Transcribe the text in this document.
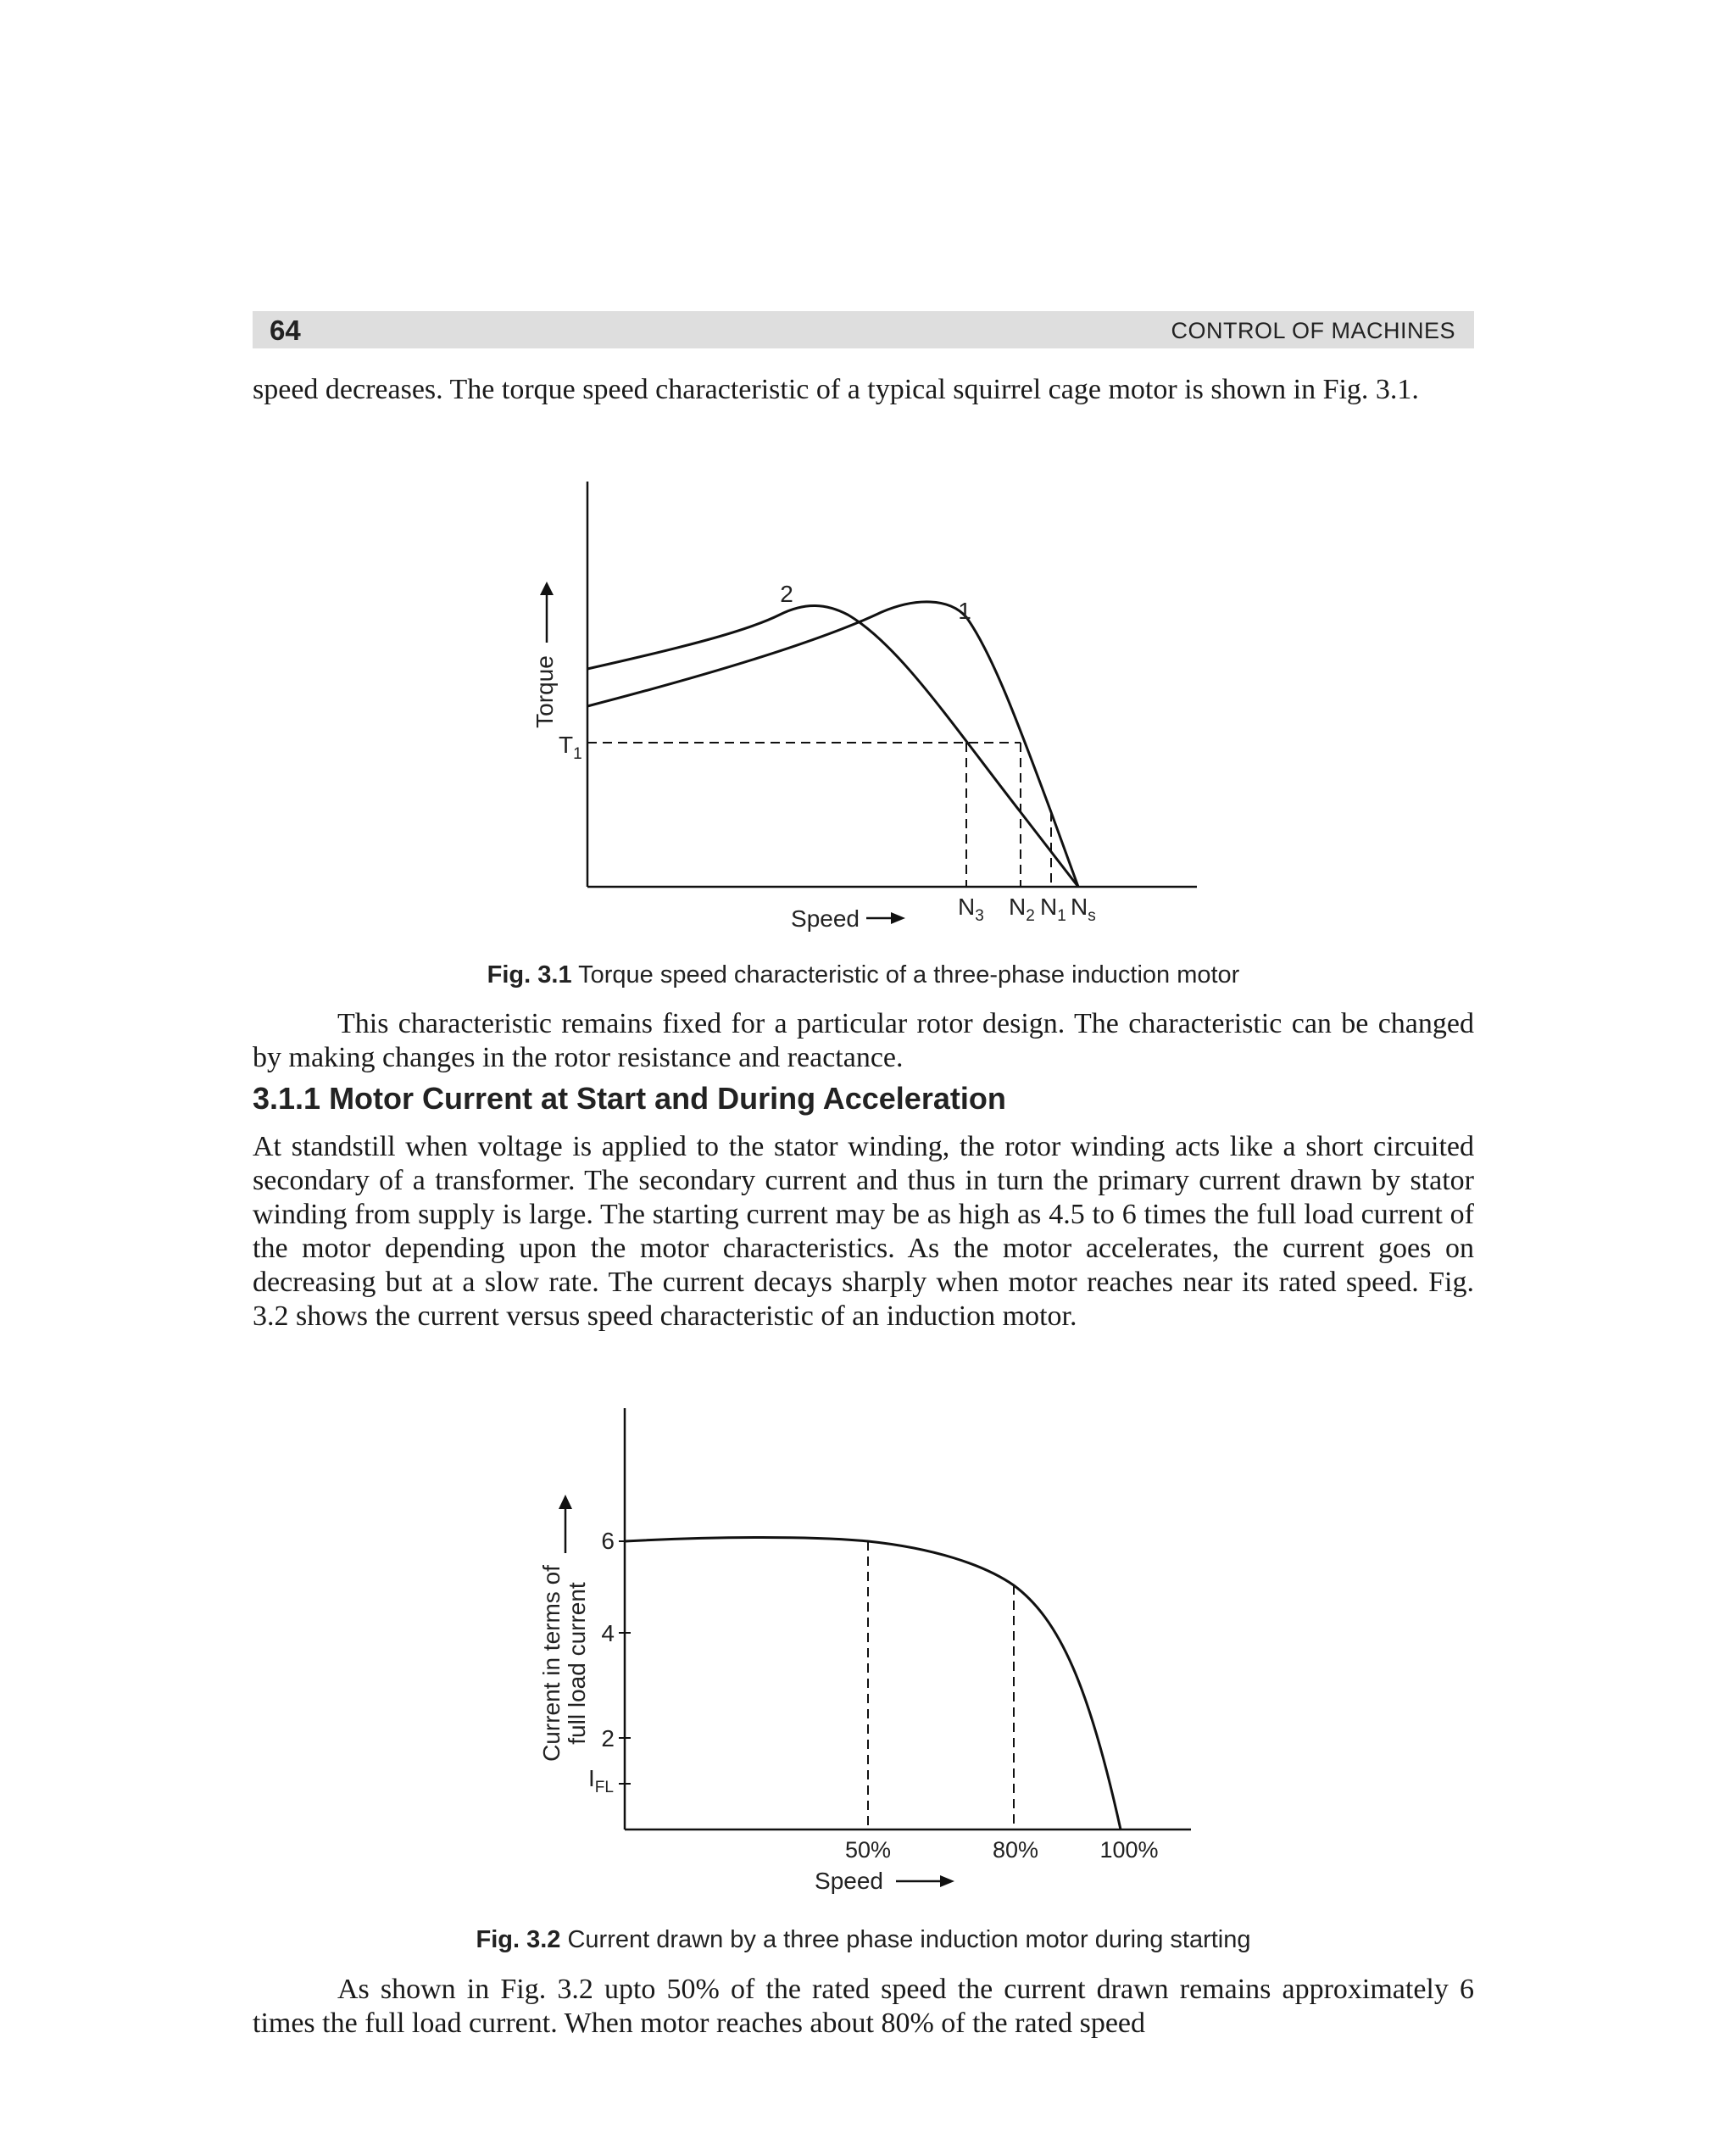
64	CONTROL OF MACHINES

speed decreases. The torque speed characteristic of a typical squirrel cage motor is shown in Fig. 3.1.

Torque
$T_1$
2
1
Speed	$N_3$ $N_2$ $N_1$ $N_s$
Fig. 3.1 Torque speed characteristic of a three-phase induction motor

This characteristic remains fixed for a particular rotor design. The characteristic can be changed by making changes in the rotor resistance and reactance.

3.1.1 Motor Current at Start and During Acceleration

At standstill when voltage is applied to the stator winding, the rotor winding acts like a short circuited secondary of a transformer. The secondary current and thus in turn the primary current drawn by stator winding from supply is large. The starting current may be as high as 4.5 to 6 times the full load current of the motor depending upon the motor characteristics. As the motor accelerates, the current goes on decreasing but at a slow rate. The current decays sharply when motor reaches near its rated speed. Fig. 3.2 shows the current versus speed characteristic of an induction motor.

6
4
2
$I_{FL}$
Current in terms of full load current
50%	80%	100%
Speed
Fig. 3.2 Current drawn by a three phase induction motor during starting

As shown in Fig. 3.2 upto 50% of the rated speed the current drawn remains approximately 6 times the full load current. When motor reaches about 80% of the rated speed
